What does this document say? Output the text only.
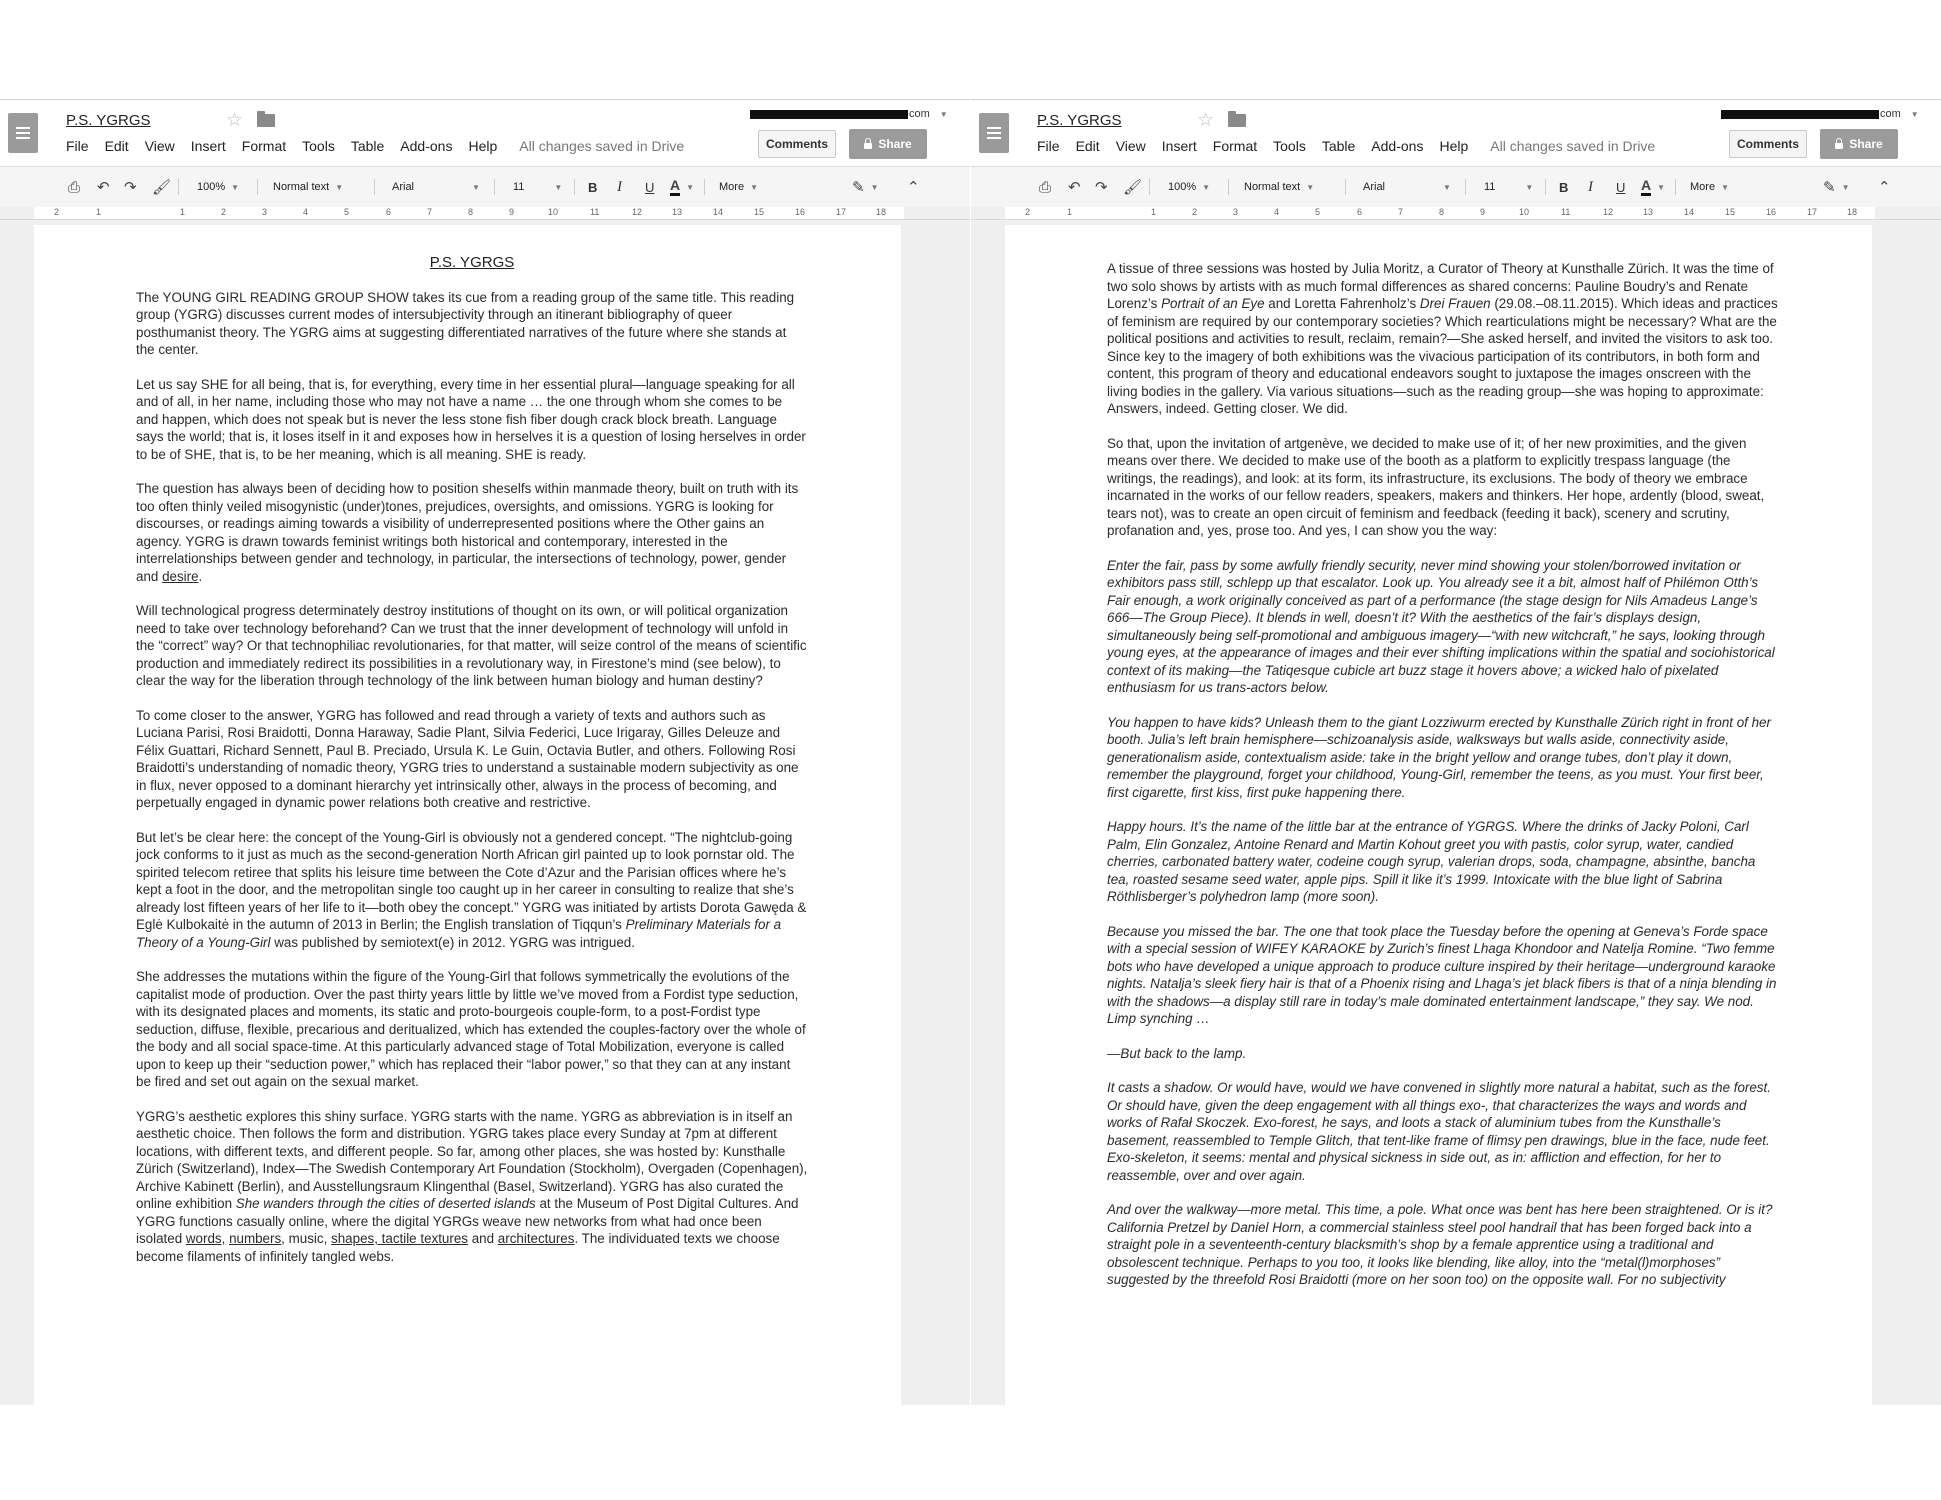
P.S. YGRGS	☆	com ▼
File Edit View Insert Format Tools Table Add-ons Help All changes saved in Drive	Comments	Share
⎙ ↶ ↷ 🖌 100% ▼	Normal text ▼	Arial	▼	11	▼ B I U A ▼ More ▼	✎ ▼ ⌃
2	1	1	2	3	4	5	6	7	8	9	10	11	12	13	14	15	16	17	18
P.S. YGRGS

The YOUNG GIRL READING GROUP SHOW takes its cue from a reading group of the same title. This reading group (YGRG) discusses current modes of intersubjectivity through an itinerant bibliography of queer posthumanist theory. The YGRG aims at suggesting differentiated narratives of the future where she stands at the center.

Let us say SHE for all being, that is, for everything, every time in her essential plural—language speaking for all and of all, in her name, including those who may not have a name … the one through whom she comes to be and happen, which does not speak but is never the less stone fish fiber dough crack block breath. Language says the world; that is, it loses itself in it and exposes how in herselves it is a question of losing herselves in order to be of SHE, that is, to be her meaning, which is all meaning. SHE is ready.

The question has always been of deciding how to position sheselfs within manmade theory, built on truth with its too often thinly veiled misogynistic (under)tones, prejudices, oversights, and omissions. YGRG is looking for discourses, or readings aiming towards a visibility of underrepresented positions where the Other gains an agency. YGRG is drawn towards feminist writings both historical and contemporary, interested in the interrelationships between gender and technology, in particular, the intersections of technology, power, gender and desire.

Will technological progress determinately destroy institutions of thought on its own, or will political organization need to take over technology beforehand? Can we trust that the inner development of technology will unfold in the “correct” way? Or that technophiliac revolutionaries, for that matter, will seize control of the means of scientific production and immediately redirect its possibilities in a revolutionary way, in Firestone’s mind (see below), to clear the way for the liberation through technology of the link between human biology and human destiny?

To come closer to the answer, YGRG has followed and read through a variety of texts and authors such as Luciana Parisi, Rosi Braidotti, Donna Haraway, Sadie Plant, Silvia Federici, Luce Irigaray, Gilles Deleuze and Félix Guattari, Richard Sennett, Paul B. Preciado, Ursula K. Le Guin, Octavia Butler, and others. Following Rosi Braidotti’s understanding of nomadic theory, YGRG tries to understand a sustainable modern subjectivity as one in flux, never opposed to a dominant hierarchy yet intrinsically other, always in the process of becoming, and perpetually engaged in dynamic power relations both creative and restrictive.

But let’s be clear here: the concept of the Young-Girl is obviously not a gendered concept. “The nightclub-going jock conforms to it just as much as the second-generation North African girl painted up to look pornstar old. The spirited telecom retiree that splits his leisure time between the Cote d’Azur and the Parisian offices where he’s kept a foot in the door, and the metropolitan single too caught up in her career in consulting to realize that she’s already lost fifteen years of her life to it—both obey the concept.” YGRG was initiated by artists Dorota Gawęda & Eglė Kulbokaitė in the autumn of 2013 in Berlin; the English translation of Tiqqun’s Preliminary Materials for a Theory of a Young-Girl was published by semiotext(e) in 2012. YGRG was intrigued.

She addresses the mutations within the figure of the Young-Girl that follows symmetrically the evolutions of the capitalist mode of production. Over the past thirty years little by little we’ve moved from a Fordist type seduction, with its designated places and moments, its static and proto-bourgeois couple-form, to a post-Fordist type seduction, diffuse, flexible, precarious and deritualized, which has extended the couples-factory over the whole of the body and all social space-time. At this particularly advanced stage of Total Mobilization, everyone is called upon to keep up their “seduction power,” which has replaced their “labor power,” so that they can at any instant be fired and set out again on the sexual market.

YGRG’s aesthetic explores this shiny surface. YGRG starts with the name. YGRG as abbreviation is in itself an aesthetic choice. Then follows the form and distribution. YGRG takes place every Sunday at 7pm at different locations, with different texts, and different people. So far, among other places, she was hosted by: Kunsthalle Zürich (Switzerland), Index—The Swedish Contemporary Art Foundation (Stockholm), Overgaden (Copenhagen), Archive Kabinett (Berlin), and Ausstellungsraum Klingenthal (Basel, Switzerland). YGRG has also curated the online exhibition She wanders through the cities of deserted islands at the Museum of Post Digital Cultures. And YGRG functions casually online, where the digital YGRGs weave new networks from what had once been isolated words, numbers, music, shapes, tactile textures and architectures. The individuated texts we choose become filaments of infinitely tangled webs.

P.S. YGRGS	☆	com ▼
File Edit View Insert Format Tools Table Add-ons Help All changes saved in Drive	Comments	Share
⎙ ↶ ↷ 🖌 100% ▼	Normal text ▼	Arial	▼	11	▼ B I U A ▼ More ▼	✎ ▼ ⌃
2	1	1	2	3	4	5	6	7	8	9	10	11	12	13	14	15	16	17	18

A tissue of three sessions was hosted by Julia Moritz, a Curator of Theory at Kunsthalle Zürich. It was the time of two solo shows by artists with as much formal differences as shared concerns: Pauline Boudry’s and Renate Lorenz’s Portrait of an Eye and Loretta Fahrenholz’s Drei Frauen (29.08.–08.11.2015). Which ideas and practices of feminism are required by our contemporary societies? Which rearticulations might be necessary? What are the political positions and activities to result, reclaim, remain?—She asked herself, and invited the visitors to ask too. Since key to the imagery of both exhibitions was the vivacious participation of its contributors, in both form and content, this program of theory and educational endeavors sought to juxtapose the images onscreen with the living bodies in the gallery. Via various situations—such as the reading group—she was hoping to approximate: Answers, indeed. Getting closer. We did.

So that, upon the invitation of artgenève, we decided to make use of it; of her new proximities, and the given means over there. We decided to make use of the booth as a platform to explicitly trespass language (the writings, the readings), and look: at its form, its infrastructure, its exclusions. The body of theory we embrace incarnated in the works of our fellow readers, speakers, makers and thinkers. Her hope, ardently (blood, sweat, tears not), was to create an open circuit of feminism and feedback (feeding it back), scenery and scrutiny, profanation and, yes, prose too. And yes, I can show you the way:

Enter the fair, pass by some awfully friendly security, never mind showing your stolen/borrowed invitation or exhibitors pass still, schlepp up that escalator. Look up. You already see it a bit, almost half of Philémon Otth’s Fair enough, a work originally conceived as part of a performance (the stage design for Nils Amadeus Lange’s 666—The Group Piece). It blends in well, doesn’t it? With the aesthetics of the fair’s displays design, simultaneously being self-promotional and ambiguous imagery—“with new witchcraft,” he says, looking through young eyes, at the appearance of images and their ever shifting implications within the spatial and sociohistorical context of its making—the Tatiqesque cubicle art buzz stage it hovers above; a wicked halo of pixelated enthusiasm for us trans-actors below.

You happen to have kids? Unleash them to the giant Lozziwurm erected by Kunsthalle Zürich right in front of her booth. Julia’s left brain hemisphere—schizoanalysis aside, walksways but walls aside, connectivity aside, generationalism aside, contextualism aside: take in the bright yellow and orange tubes, don’t play it down, remember the playground, forget your childhood, Young-Girl, remember the teens, as you must. Your first beer, first cigarette, first kiss, first puke happening there.

Happy hours. It’s the name of the little bar at the entrance of YGRGS. Where the drinks of Jacky Poloni, Carl Palm, Elin Gonzalez, Antoine Renard and Martin Kohout greet you with pastis, color syrup, water, candied cherries, carbonated battery water, codeine cough syrup, valerian drops, soda, champagne, absinthe, bancha tea, roasted sesame seed water, apple pips. Spill it like it’s 1999. Intoxicate with the blue light of Sabrina Röthlisberger’s polyhedron lamp (more soon).

Because you missed the bar. The one that took place the Tuesday before the opening at Geneva’s Forde space with a special session of WIFEY KARAOKE by Zurich’s finest Lhaga Khondoor and Natelja Romine. “Two femme bots who have developed a unique approach to produce culture inspired by their heritage—underground karaoke nights. Natalja’s sleek fiery hair is that of a Phoenix rising and Lhaga’s jet black fibers is that of a ninja blending in with the shadows—a display still rare in today’s male dominated entertainment landscape,” they say. We nod. Limp synching …

—But back to the lamp.

It casts a shadow. Or would have, would we have convened in slightly more natural a habitat, such as the forest. Or should have, given the deep engagement with all things exo-, that characterizes the ways and words and works of Rafał Skoczek. Exo-forest, he says, and loots a stack of aluminium tubes from the Kunsthalle’s basement, reassembled to Temple Glitch, that tent-like frame of flimsy pen drawings, blue in the face, nude feet. Exo-skeleton, it seems: mental and physical sickness in side out, as in: affliction and effection, for her to reassemble, over and over again.

And over the walkway—more metal. This time, a pole. What once was bent has here been straightened. Or is it? California Pretzel by Daniel Horn, a commercial stainless steel pool handrail that has been forged back into a straight pole in a seventeenth-century blacksmith’s shop by a female apprentice using a traditional and obsolescent technique. Perhaps to you too, it looks like blending, like alloy, into the “metal(l)morphoses” suggested by the threefold Rosi Braidotti (more on her soon too) on the opposite wall. For no subjectivity
